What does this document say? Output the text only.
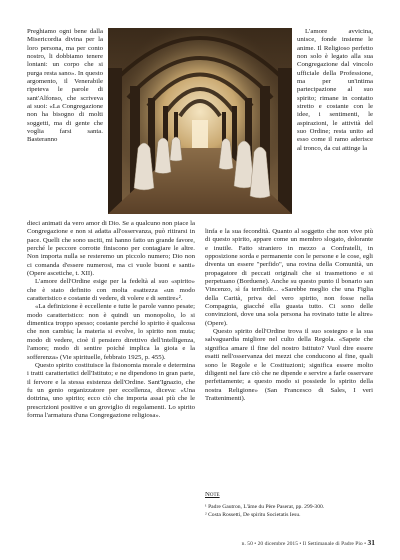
Preghiamo ogni bene dalla Misericordia divina per la loro persona, ma per conto nostro, li dobbiamo tenere lontani: un corpo che si purga resta sano». In questo argomento, il Venerabile ripeteva le parole di sant'Alfonso, che scriveva ai suoi: «La Congregazione non ha bisogno di molti soggetti, ma di gente che voglia farsi santa. Basteranno

L'amore avvicina, unisce, fonde insieme le anime. Il Religioso perfetto non solo è legato alla sua Congregazione dal vincolo ufficiale della Professione, ma per un'intima partecipazione al suo spirito; rimane in contatto stretto e costante con le idee, i sentimenti, le aspirazioni, le attività del suo Ordine; resta unito ad esso come il ramo aderisce al tronco, da cui attinge la

dieci animati da vero amor di Dio. Se a qualcuno non piace la Congregazione e non si adatta all'osservanza, può ritirarsi in pace. Quelli che sono usciti, mi hanno fatto un grande favore, perché le peccore corrotte finiscono per contagiare le altre. Non importa nulla se resteremo un piccolo numero; Dio non ci comanda d'essere numerosi, ma ci vuole buoni e santi» (Opere ascetiche, t. XII).

L'amore dell'Ordine esige per la fedeltà al suo «spirito» che è stato definito con molta esattezza «un modo caratteristico e costante di vedere, di volere e di sentire»².

«La definizione è eccellente e tutte le parole vanno pesate; modo caratteristico: non è quindi un monopolio, lo si dimentica troppo spesso; costante perché lo spirito è qualcosa che non cambia; la materia si evolve, lo spirito non muta; modo di vedere, cioè il pensiero direttivo dell'intelligenza, l'amore; modo di sentire poiché implica la gioia e la sofferenza» (Vie spirituelle, febbraio 1925, p. 455).

Questo spirito costituisce la fisionomia morale e determina i tratti caratteristici dell'Istituto; e ne dipendono in gran parte, il fervore e la stessa esistenza dell'Ordine. Sant'Ignazio, che fu un genio organizzatore per eccellenza, diceva: «Una dottrina, uno spirito; ecco ciò che importa assai più che le prescrizioni positive e un groviglio di regolamenti. Lo spirito forma l'armatura d'una Congregazione religiosa».

linfa e la sua fecondità. Quanto al soggetto che non vive più di questo spirito, appare come un membro slogato, dolorante e inutile. Fatto straniero in mezzo a Confratelli, in opposizione sorda e permanente con le persone e le cose, egli diventa un essere "perfido", una rovina della Comunità, un propagatore di peccati originali che si trasmettono e si perpetuano (Borduene). Anche su questo punto il bonario san Vincenzo, sì fa terribile... «Sarebbe meglio che una Figlia della Carità, priva del vero spirito, non fosse nella Compagnia, giacché ella guasta tutto. Ci sono delle convinzioni, dove una sola persona ha rovinato tutte le altre» (Opere).

Questo spirito dell'Ordine trova il suo sostegno e la sua salvaguardia migliore nel culto della Regola. «Sapete che significa amare il fine del nostro Istituto? Vuol dire essere esatti nell'osservanza dei mezzi che conducono al fine, quali sono le Regole e le Costituzioni; significa essere molto diligenti nel fare ciò che ne dipende e servire a farle osservare perfettamente; a questo modo si possiede lo spirito della nostra Religione» (San Francesco di Sales, I veri Trattenimenti).

Note
¹ Padre Gautron, L'âme du Père Paserat, pp. 299-300.
² Costa Rossetti, De spiritu Societatis Iesu.
n. 50 • 20 dicembre 2015 • Il Settimanale di Padre Pio • 31
